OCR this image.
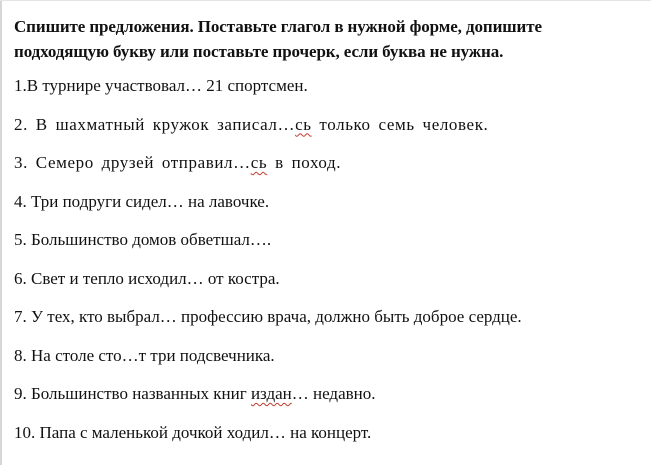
Спишите предложения. Поставьте глагол в нужной форме, допишите подходящую букву или поставьте прочерк, если буква не нужна.

1.В турнире участвовал… 21 спортсмен.
2. В шахматный кружок записал…сь только семь человек.
3. Семеро друзей отправил…сь в поход.
4. Три подруги сидел… на лавочке.
5. Большинство домов обветшал….
6. Свет и тепло исходил… от костра.
7. У тех, кто выбрал… профессию врача, должно быть доброе сердце.
8. На столе сто…т три подсвечника.
9. Большинство названных книг издан… недавно.
10. Папа с маленькой дочкой ходил… на концерт.
